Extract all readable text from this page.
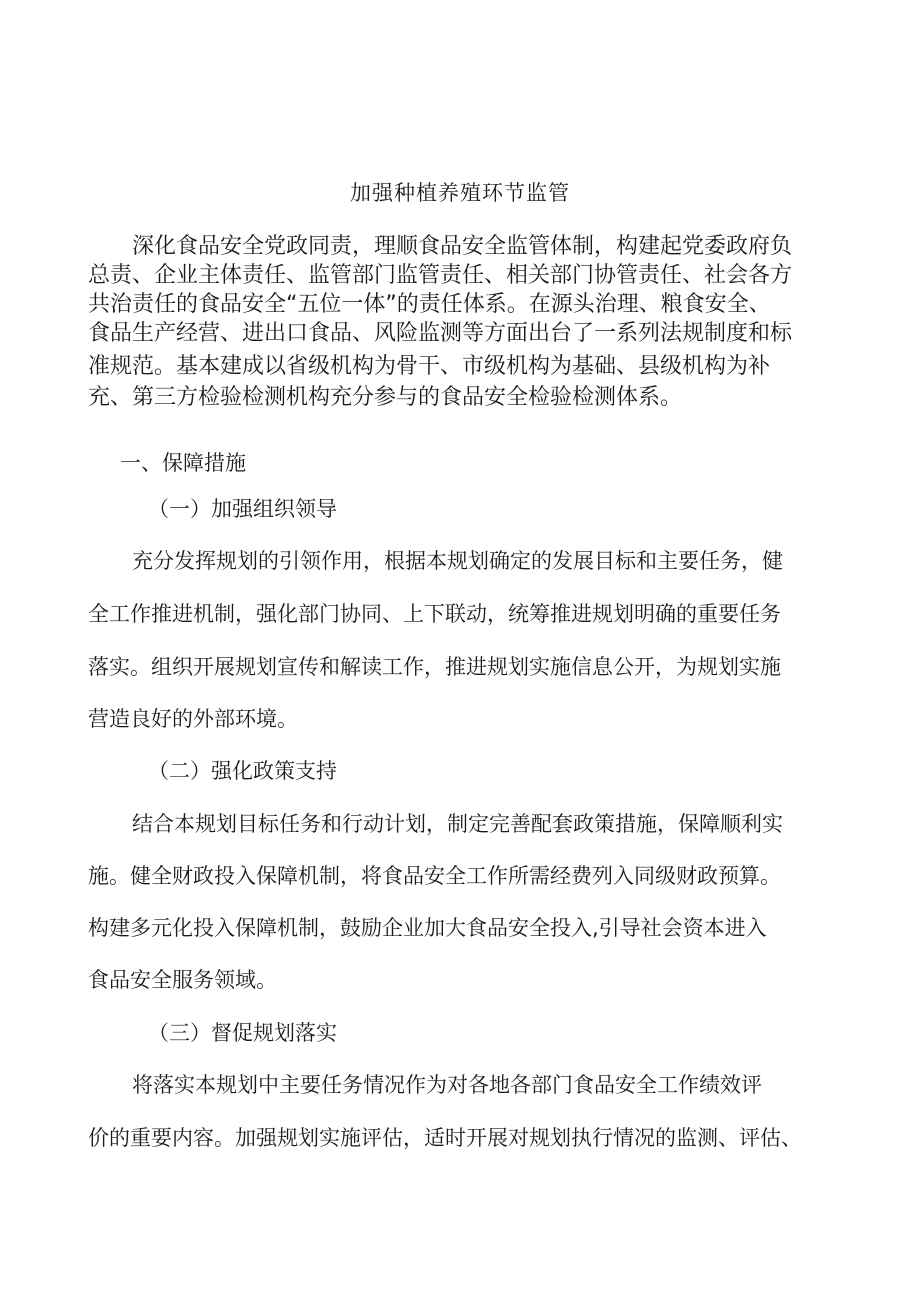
加强种植养殖环节监管
深化食品安全党政同责，理顺食品安全监管体制，构建起党委政府负
总责、企业主体责任、监管部门监管责任、相关部门协管责任、社会各方
共治责任的食品安全“五位一体”的责任体系。在源头治理、粮食安全、
食品生产经营、进出口食品、风险监测等方面出台了一系列法规制度和标
准规范。基本建成以省级机构为骨干、市级机构为基础、县级机构为补
充、第三方检验检测机构充分参与的食品安全检验检测体系。
一、保障措施
（一）加强组织领导
充分发挥规划的引领作用，根据本规划确定的发展目标和主要任务，健
全工作推进机制，强化部门协同、上下联动，统筹推进规划明确的重要任务
落实。组织开展规划宣传和解读工作，推进规划实施信息公开，为规划实施
营造良好的外部环境。
（二）强化政策支持
结合本规划目标任务和行动计划，制定完善配套政策措施，保障顺利实
施。健全财政投入保障机制，将食品安全工作所需经费列入同级财政预算。
构建多元化投入保障机制，鼓励企业加大食品安全投入,引导社会资本进入
食品安全服务领域。
（三）督促规划落实
将落实本规划中主要任务情况作为对各地各部门食品安全工作绩效评
价的重要内容。加强规划实施评估，适时开展对规划执行情况的监测、评估、
